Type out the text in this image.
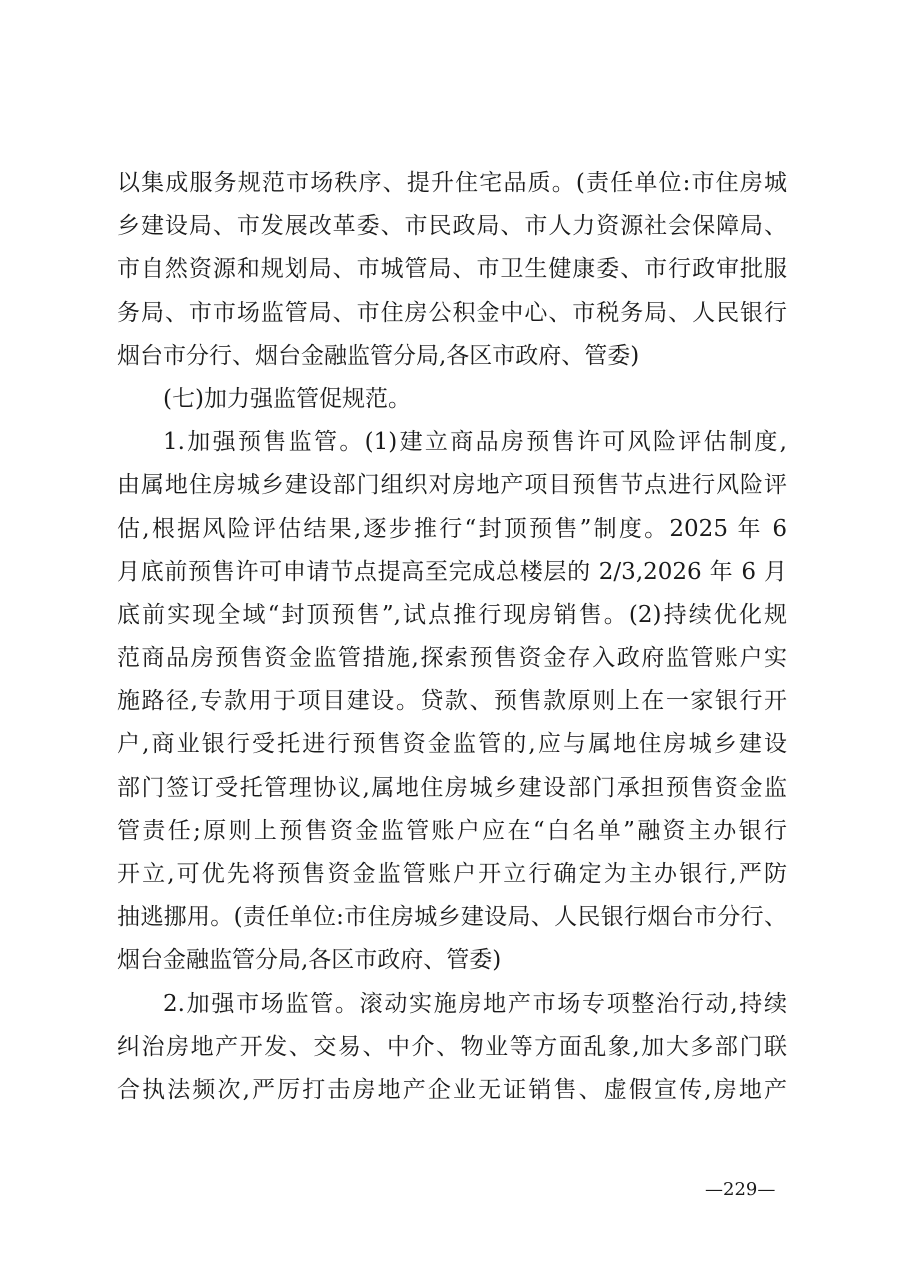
以集成服务规范市场秩序、提升住宅品质。(责任单位:市住房城
乡建设局、市发展改革委、市民政局、市人力资源社会保障局、
市自然资源和规划局、市城管局、市卫生健康委、市行政审批服
务局、市市场监管局、市住房公积金中心、市税务局、人民银行
烟台市分行、烟台金融监管分局,各区市政府、管委)
(七)加力强监管促规范。
1.加强预售监管。(1)建立商品房预售许可风险评估制度,
由属地住房城乡建设部门组织对房地产项目预售节点进行风险评
估,根据风险评估结果,逐步推行“封顶预售”制度。2025 年 6
月底前预售许可申请节点提高至完成总楼层的 2/3,2026 年 6 月
底前实现全域“封顶预售”,试点推行现房销售。(2)持续优化规
范商品房预售资金监管措施,探索预售资金存入政府监管账户实
施路径,专款用于项目建设。贷款、预售款原则上在一家银行开
户,商业银行受托进行预售资金监管的,应与属地住房城乡建设
部门签订受托管理协议,属地住房城乡建设部门承担预售资金监
管责任;原则上预售资金监管账户应在“白名单”融资主办银行
开立,可优先将预售资金监管账户开立行确定为主办银行,严防
抽逃挪用。(责任单位:市住房城乡建设局、人民银行烟台市分行、
烟台金融监管分局,各区市政府、管委)
2.加强市场监管。滚动实施房地产市场专项整治行动,持续
纠治房地产开发、交易、中介、物业等方面乱象,加大多部门联
合执法频次,严厉打击房地产企业无证销售、虚假宣传,房地产
—229—
